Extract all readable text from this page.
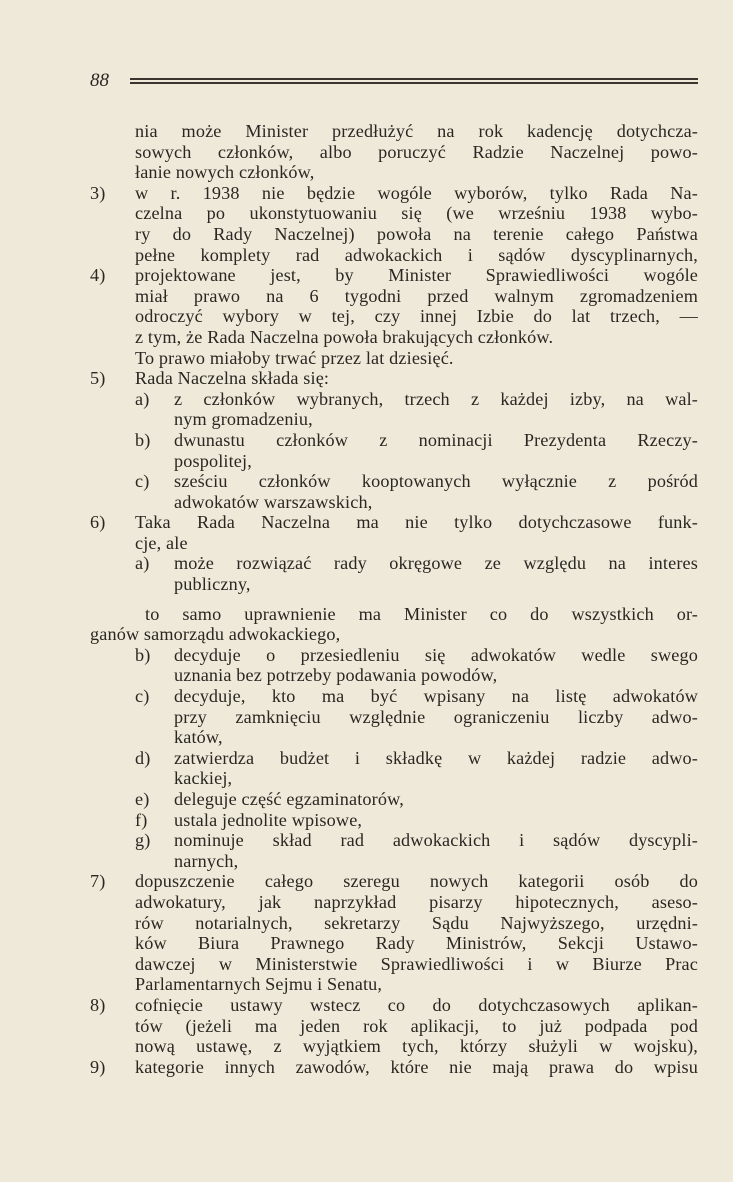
88
nia może Minister przedłużyć na rok kadencję dotychcza-
sowych członków, albo poruczyć Radzie Naczelnej powo-
łanie nowych członków,
3) w r. 1938 nie będzie wogóle wyborów, tylko Rada Na-
czelna po ukonstytuowaniu się (we wrześniu 1938 wybo-
ry do Rady Naczelnej) powoła na terenie całego Państwa
pełne komplety rad adwokackich i sądów dyscyplinarnych,
4) projektowane jest, by Minister Sprawiedliwości wogóle
miał prawo na 6 tygodni przed walnym zgromadzeniem
odroczyć wybory w tej, czy innej Izbie do lat trzech, —
z tym, że Rada Naczelna powoła brakujących członków.
To prawo miałoby trwać przez lat dziesięć.
5) Rada Naczelna składa się:
a) z członków wybranych, trzech z każdej izby, na wal-
nym gromadzeniu,
b) dwunastu członków z nominacji Prezydenta Rzeczy-
pospolitej,
c) sześciu członków kooptowanych wyłącznie z pośród
adwokatów warszawskich,
6) Taka Rada Naczelna ma nie tylko dotychczasowe funk-
cje, ale
a) może rozwiązać rady okręgowe ze względu na interes
publiczny,
to samo uprawnienie ma Minister co do wszystkich or-
ganów samorządu adwokackiego,
b) decyduje o przesiedleniu się adwokatów wedle swego
uznania bez potrzeby podawania powodów,
c) decyduje, kto ma być wpisany na listę adwokatów
przy zamknięciu względnie ograniczeniu liczby adwo-
katów,
d) zatwierdza budżet i składkę w każdej radzie adwo-
kackiej,
e) deleguje część egzaminatorów,
f) ustala jednolite wpisowe,
g) nominuje skład rad adwokackich i sądów dyscypli-
narnych,
7) dopuszczenie całego szeregu nowych kategorii osób do
adwokatury, jak naprzykład pisarzy hipotecznych, aseso-
rów notarialnych, sekretarzy Sądu Najwyższego, urzędni-
ków Biura Prawnego Rady Ministrów, Sekcji Ustawo-
dawczej w Ministerstwie Sprawiedliwości i w Biurze Prac
Parlamentarnych Sejmu i Senatu,
8) cofnięcie ustawy wstecz co do dotychczasowych aplikan-
tów (jeżeli ma jeden rok aplikacji, to już podpada pod
nową ustawę, z wyjątkiem tych, którzy służyli w wojsku),
9) kategorie innych zawodów, które nie mają prawa do wpisu
